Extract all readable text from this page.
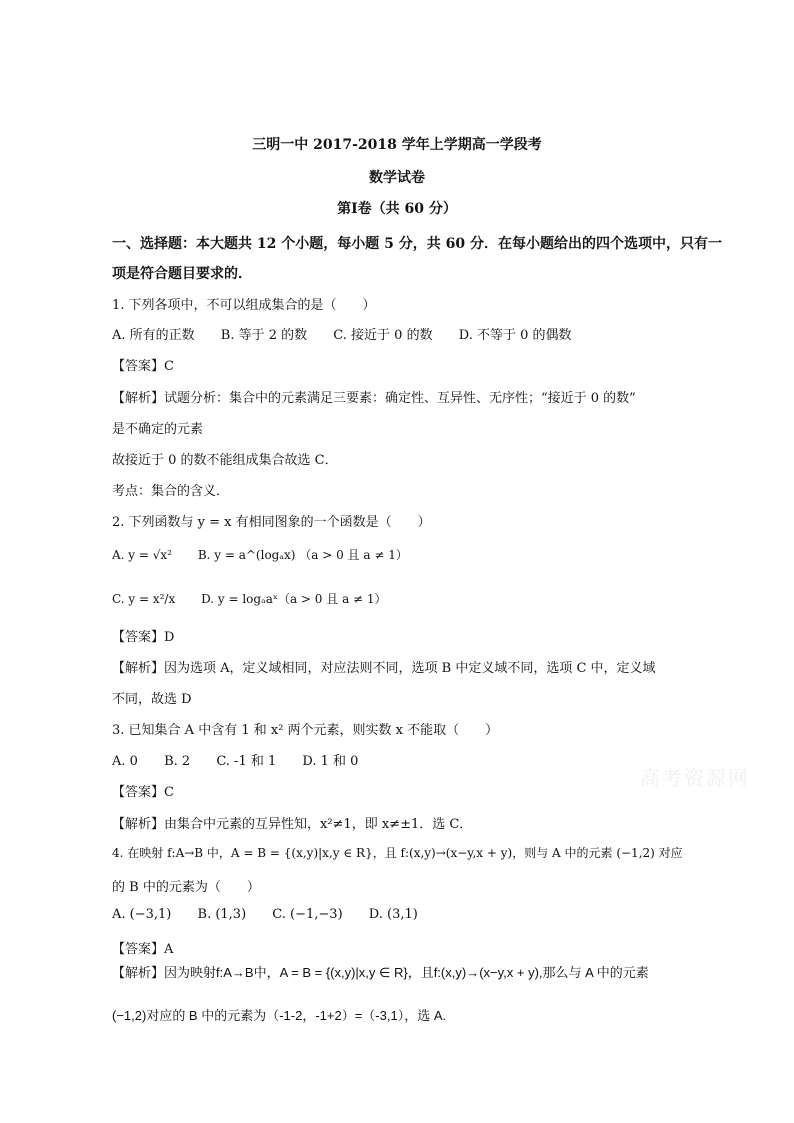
三明一中 2017-2018 学年上学期高一学段考
数学试卷
第Ⅰ卷（共 60 分）
一、选择题：本大题共 12 个小题，每小题 5 分，共 60 分．在每小题给出的四个选项中，只有一
项是符合题目要求的．
1. 下列各项中，不可以组成集合的是（　　）
A. 所有的正数 B. 等于 2 的数 C. 接近于 0 的数 D. 不等于 0 的偶数
【答案】C
【解析】试题分析：集合中的元素满足三要素：确定性、互异性、无序性；“接近于 0 的数”
是不确定的元素
故接近于 0 的数不能组成集合故选 C．
考点：集合的含义．
2. 下列函数与 y = x 有相同图象的一个函数是（　　）
A. y = √x² B. y = a^(logₐx) （a > 0 且 a ≠ 1）
C. y = x²/x D. y = logₐaˣ（a > 0 且 a ≠ 1）
【答案】D
【解析】因为选项 A，定义域相同，对应法则不同，选项 B 中定义域不同，选项 C 中，定义域
不同，故选 D
3. 已知集合 A 中含有 1 和 x² 两个元素，则实数 x 不能取（　　）
A. 0 B. 2 C. -1 和 1 D. 1 和 0
【答案】C
【解析】由集合中元素的互异性知，x²≠1，即 x≠±1．选 C．
4. 在映射 f:A→B 中，A = B = {(x,y)|x,y ∈ R}，且 f:(x,y)→(x−y,x + y)，则与 A 中的元素 (−1,2) 对应
的 B 中的元素为（　　）
A. (−3,1) B. (1,3) C. (−1,−3) D. (3,1)
【答案】A
【解析】因为映射f:A→B中，A = B = {(x,y)|x,y ∈ R}，且f:(x,y)→(x−y,x + y),那么与 A 中的元素
(−1,2)对应的 B 中的元素为（-1-2，-1+2）=（-3,1），选 A.
高考资源网
